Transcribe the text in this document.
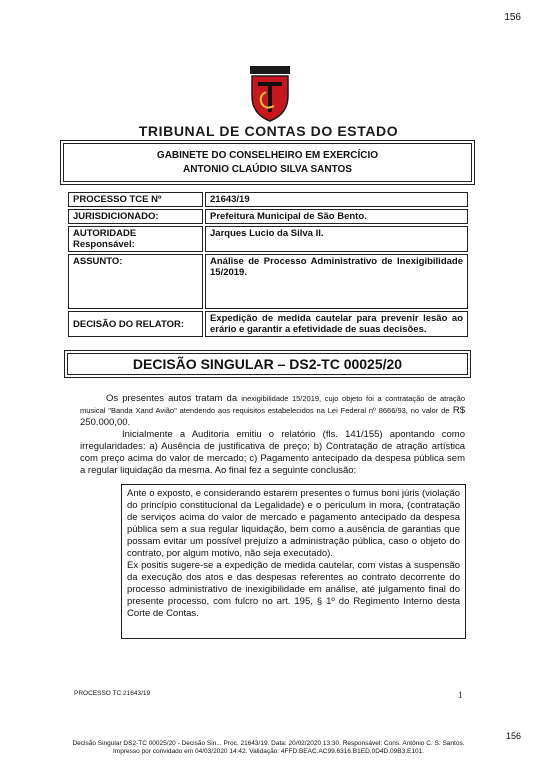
156
TRIBUNAL DE CONTAS DO ESTADO
GABINETE DO CONSELHEIRO EM EXERCÍCIO
ANTONIO CLAÚDIO SILVA SANTOS
PROCESSO TCE Nº	21643/19
JURISDICIONADO:	Prefeitura Municipal de São Bento.

AUTORIDADE
Responsável:	Jarques Lucio da Silva II.
ASSUNTO:	Análise de Processo Administrativo de Inexigibilidade 15/2019.
DECISÃO DO RELATOR:	Expedição de medida cautelar para prevenir lesão ao erário e garantir a efetividade de suas decisões.
DECISÃO SINGULAR – DS2-TC 00025/20
Os presentes autos tratam da inexigibilidade 15/2019, cujo objeto foi a contratação de atração musical "Banda Xand Avião" atendendo aos requisitos estabelecidos na Lei Federal nº 8666/93, no valor de R$ 250.000,00.
Inicialmente a Auditoria emitiu o relatório (fls. 141/155) apontando como irregularidades: a) Ausência de justificativa de preço; b) Contratação de atração artística com preço acima do valor de mercado; c) Pagamento antecipado da despesa pública sem a regular liquidação da mesma. Ao final fez a seguinte conclusão:

Ante o exposto, e considerando estarem presentes o fumus boni júris (violação do princípio constitucional da Legalidade) e o periculum in mora, (contratação de serviços acima do valor de mercado e pagamento antecipado da despesa pública sem a sua regular liquidação, bem como a ausência de garantias que possam evitar um possível prejuízo a administração pública, caso o objeto do contrato, por algum motivo, não seja executado).

Ex positis sugere-se a expedição de medida cautelar, com vistas à suspensão da execução dos atos e das despesas referentes ao contrato decorrente do processo administrativo de inexigibilidade em análise, até julgamento final do presente processo, com fulcro no art. 195, § 1º do Regimento Interno desta Corte de Contas.

PROCESSO TC 21643/19	1
156
Decisão Singular DS2-TC 00025/20 - Decisão Sin... Proc. 21643/19. Data: 20/02/2020 13:30. Responsável: Cons. Antônio C. S. Santos.
Impresso por convidado em 04/03/2020 14:42. Validação: 4FFD.BEAC.AC99.6316.B1ED.0D4D.09B3.E101.
